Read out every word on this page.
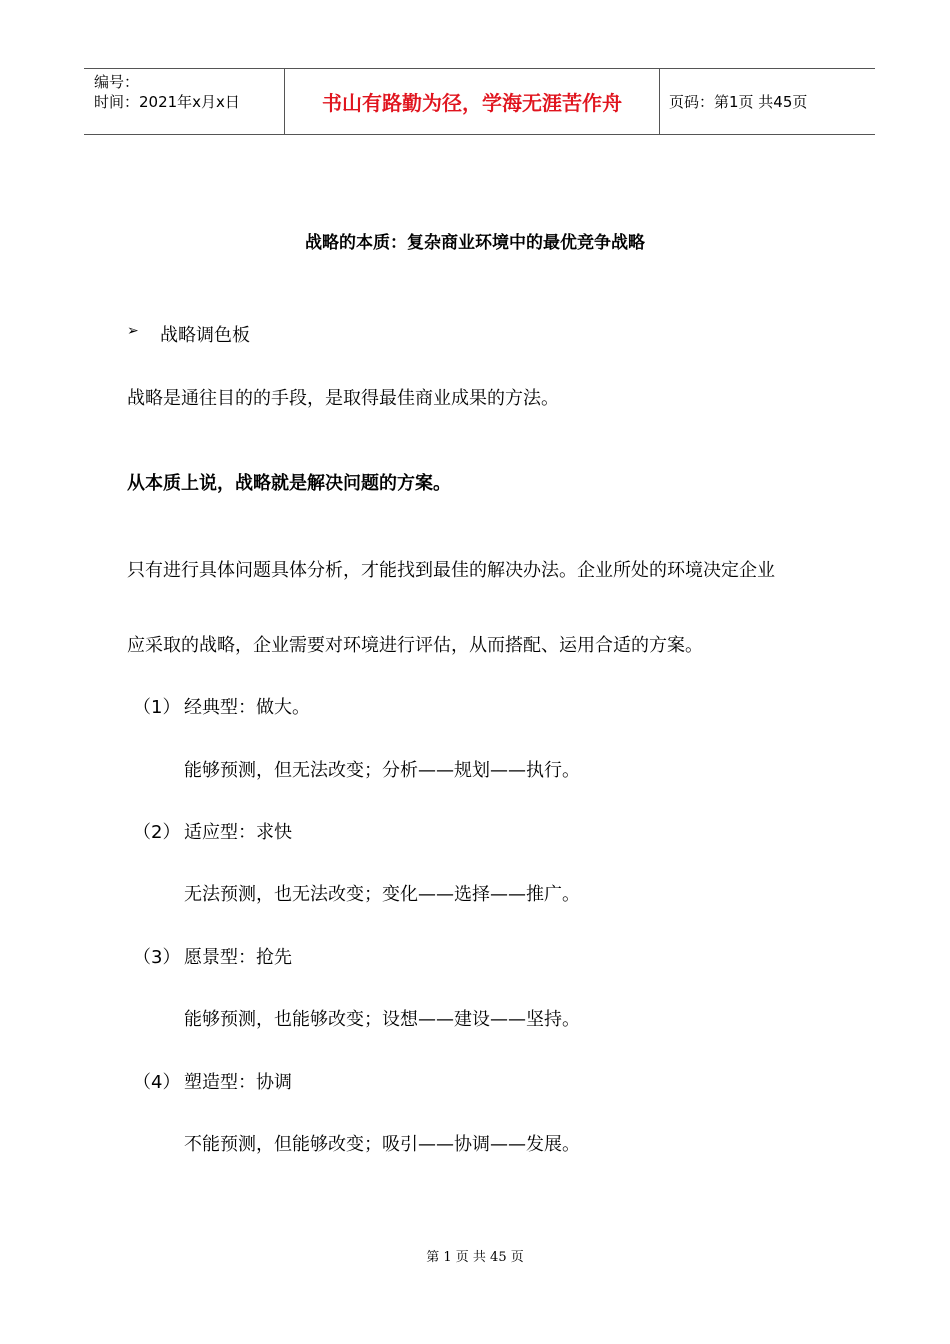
编号：
时间：2021年x月x日	书山有路勤为径，学海无涯苦作舟	页码：第1页 共45页
战略的本质：复杂商业环境中的最优竞争战略
➢ 战略调色板
战略是通往目的的手段，是取得最佳商业成果的方法。
从本质上说，战略就是解决问题的方案。
只有进行具体问题具体分析，才能找到最佳的解决办法。企业所处的环境决定企业
应采取的战略，企业需要对环境进行评估，从而搭配、运用合适的方案。
（1） 经典型：做大。
能够预测，但无法改变；分析——规划——执行。
（2） 适应型：求快
无法预测，也无法改变；变化——选择——推广。
（3） 愿景型：抢先
能够预测，也能够改变；设想——建设——坚持。
（4） 塑造型：协调
不能预测，但能够改变；吸引——协调——发展。
第 1 页 共 45 页
